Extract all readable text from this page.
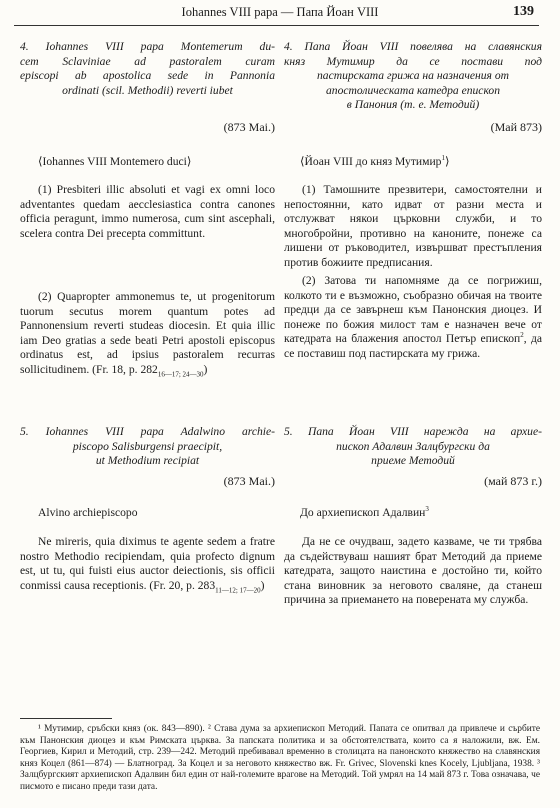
Iohannes VIII papa — Папа Йоан VIII	139
4. Iohannes VIII papa Montemerum du-
cem Sclaviniae ad pastoralem curam
episcopi ab apostolica sede in Pannonia
ordinati (scil. Methodii) reverti iubet
4. Папа Йоан VIII повелява на славянския
княз Мутимир да се постави под
пастирската грижа на назначения от
апостолическата катедра епископ
в Панония (т. е. Методий)
(873 Mai.)	(Май 873)
⟨Iohannes VIII Montemero duci⟩	⟨Йоан VIII до княз Мутимир$^1$⟩
(1) Presbiteri illic absoluti et vagi ex omni loco adventantes quedam aecclesiastica contra canones officia peragunt, immo numerosa, cum sint ascephali, scelera contra Dei precepta committunt.
(2) Quapropter ammonemus te, ut progenitorum tuorum secutus morem quantum potes ad Pannonensium reverti studeas diocesin. Et quia illic iam Deo gratias a sede beati Petri apostoli episcopus ordinatus est, ad ipsius pastoralem recurras sollicitudinem. (Fr. 18, p. $282_{16—17; 24—30}$)
(1) Тамошните презвитери, самостоятелни и непостоянни, като идват от разни места и отслужват някои църковни служби, и то многобройни, противно на каноните, понеже са лишени от ръководител, извършват престъпления против божиите предписания.
(2) Затова ти напомняме да се погрижиш, колкото ти е възможно, съобразно обичая на твоите предци да се завърнеш към Панонския диоцез. И понеже по божия милост там е назначен вече от катедрата на блажения апостол Петър епископ$^2$, да се поставиш под пастирската му грижа.
5. Iohannes VIII papa Adalwino archie-
piscopo Salisburgensi praecipit,
ut Methodium recipiat
5. Папа Йоан VIII нарежда на архие-
пископ Адалвин Залцбургски да
приеме Методий
(873 Mai.)	(май 873 г.)
Alvino archiepiscopo	До архиепископ Адалвин$^3$
Ne mireris, quia diximus te agente sedem a fratre nostro Methodio recipiendam, quia profecto dignum est, ut tu, qui fuisti eius auctor deiectionis, sis officii conmissi causa receptionis. (Fr. 20, p. $283_{11—12; 17—20}$)
Да не се очудваш, задето казваме, че ти трябва да съдействуваш нашият брат Методий да приеме катедрата, защото наистина е достойно ти, който стана виновник за неговото сваляне, да станеш причина за приемането на поверената му служба.
¹ Мутимир, сръбски княз (ок. 843—890). ² Става дума за архиепископ Методий. Папата се опитвал да привлече и сърбите към Панонския диоцез и към Римската църква. За папската политика и за обстоятелствата, които са я наложили, вж. Ем. Георгиев, Кирил и Методий, стр. 239—242. Методий пребивавал временно в столицата на панонското княжество на славянския княз Коцел (861—874) — Блатноград. За Коцел и за неговото княжество вж. Fr. Grivec, Slovenski knes Kocely, Ljubljana, 1938. ³ Залцбургският архиепископ Адалвин бил един от най-големите врагове на Методий. Той умрял на 14 май 873 г. Това означава, че писмото е писано преди тази дата.
